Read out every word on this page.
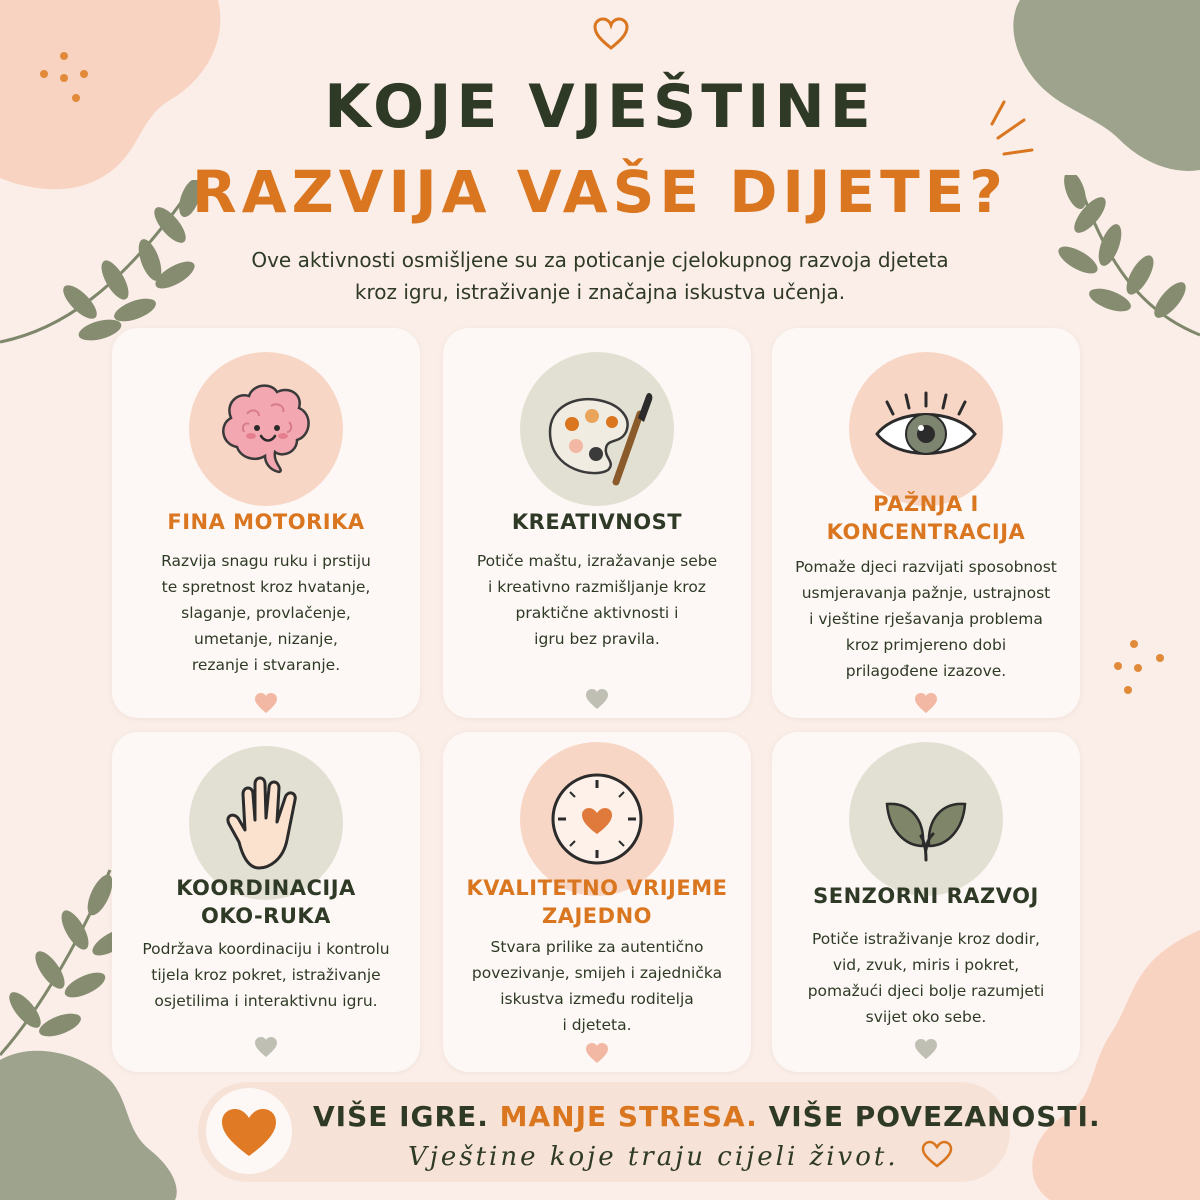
KOJE VJEŠTINE
RAZVIJA VAŠE DIJETE?

Ove aktivnosti osmišljene su za poticanje cjelokupnog razvoja djeteta
kroz igru, istraživanje i značajna iskustva učenja.

FINA MOTORIKA
Razvija snagu ruku i prstiju
te spretnost kroz hvatanje,
slaganje, provlačenje,
umetanje, nizanje,
rezanje i stvaranje.
KREATIVNOST
Potiče maštu, izražavanje sebe
i kreativno razmišljanje kroz
praktične aktivnosti i
igru bez pravila.
PAŽNJA I
KONCENTRACIJA
Pomaže djeci razvijati sposobnost
usmjeravanja pažnje, ustrajnost
i vještine rješavanja problema
kroz primjereno dobi
prilagođene izazove.
KOORDINACIJA
OKO-RUKA
Podržava koordinaciju i kontrolu
tijela kroz pokret, istraživanje
osjetilima i interaktivnu igru.
KVALITETNO VRIJEME
ZAJEDNO
Stvara prilike za autentično
povezivanje, smijeh i zajednička
iskustva između roditelja
i djeteta.
SENZORNI RAZVOJ
Potiče istraživanje kroz dodir,
vid, zvuk, miris i pokret,
pomažući djeci bolje razumjeti
svijet oko sebe.
VIŠE IGRE. MANJE STRESA. VIŠE POVEZANOSTI.
Vještine koje traju cijeli život.
